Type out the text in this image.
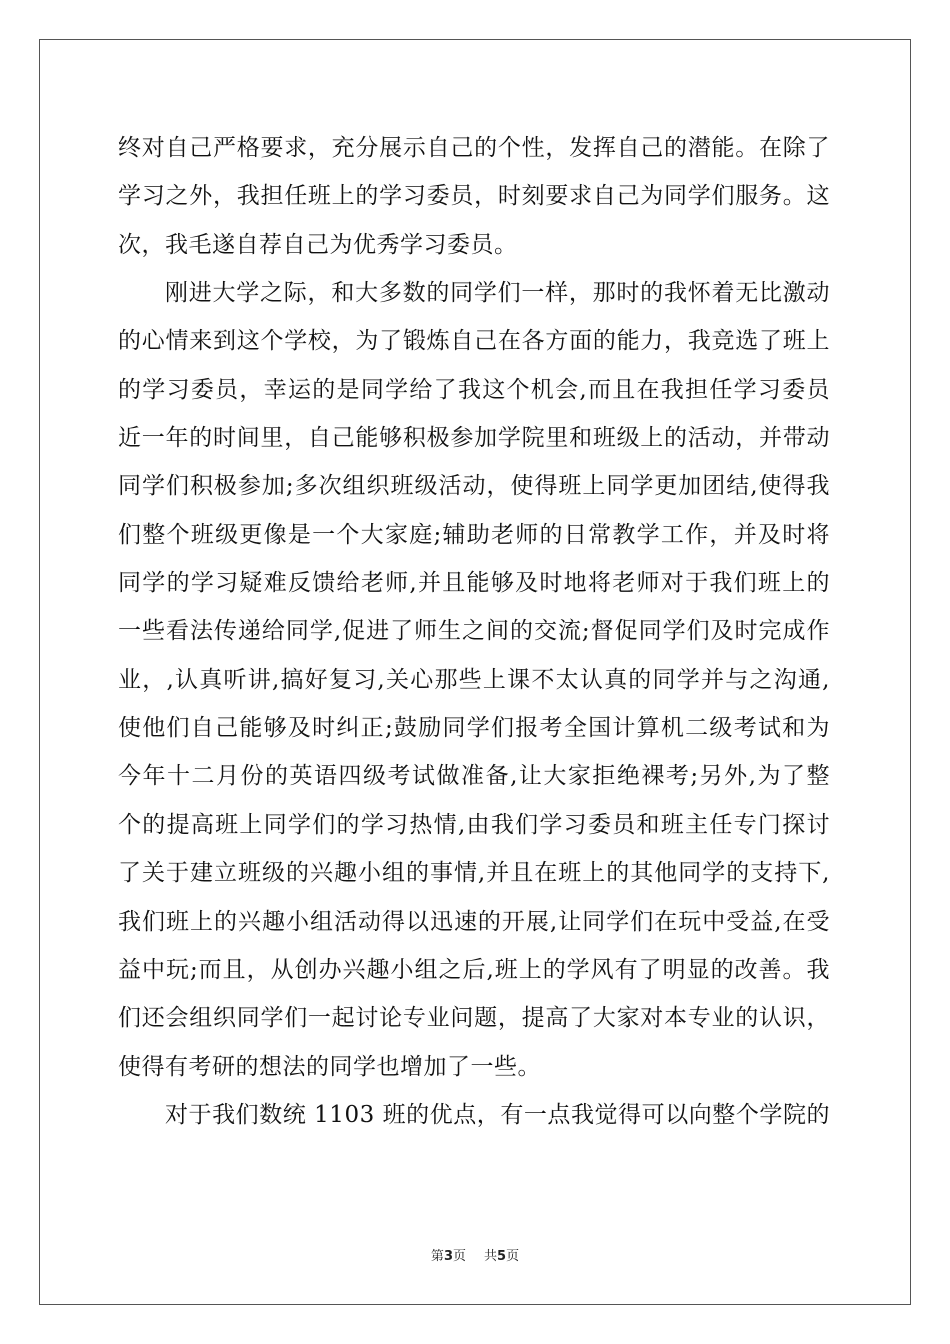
终对自己严格要求，充分展示自己的个性，发挥自己的潜能。在除了
学习之外，我担任班上的学习委员，时刻要求自己为同学们服务。这
次，我毛遂自荐自己为优秀学习委员。
刚进大学之际，和大多数的同学们一样，那时的我怀着无比激动
的心情来到这个学校，为了锻炼自己在各方面的能力，我竞选了班上
的学习委员，幸运的是同学给了我这个机会,而且在我担任学习委员
近一年的时间里，自己能够积极参加学院里和班级上的活动，并带动
同学们积极参加;多次组织班级活动，使得班上同学更加团结,使得我
们整个班级更像是一个大家庭;辅助老师的日常教学工作，并及时将
同学的学习疑难反馈给老师,并且能够及时地将老师对于我们班上的
一些看法传递给同学,促进了师生之间的交流;督促同学们及时完成作
业，,认真听讲,搞好复习,关心那些上课不太认真的同学并与之沟通,
使他们自己能够及时纠正;鼓励同学们报考全国计算机二级考试和为
今年十二月份的英语四级考试做准备,让大家拒绝裸考;另外,为了整
个的提高班上同学们的学习热情,由我们学习委员和班主任专门探讨
了关于建立班级的兴趣小组的事情,并且在班上的其他同学的支持下,
我们班上的兴趣小组活动得以迅速的开展,让同学们在玩中受益,在受
益中玩;而且，从创办兴趣小组之后,班上的学风有了明显的改善。我
们还会组织同学们一起讨论专业问题，提高了大家对本专业的认识，
使得有考研的想法的同学也增加了一些。
对于我们数统 1103 班的优点，有一点我觉得可以向整个学院的
第3页 共5页
